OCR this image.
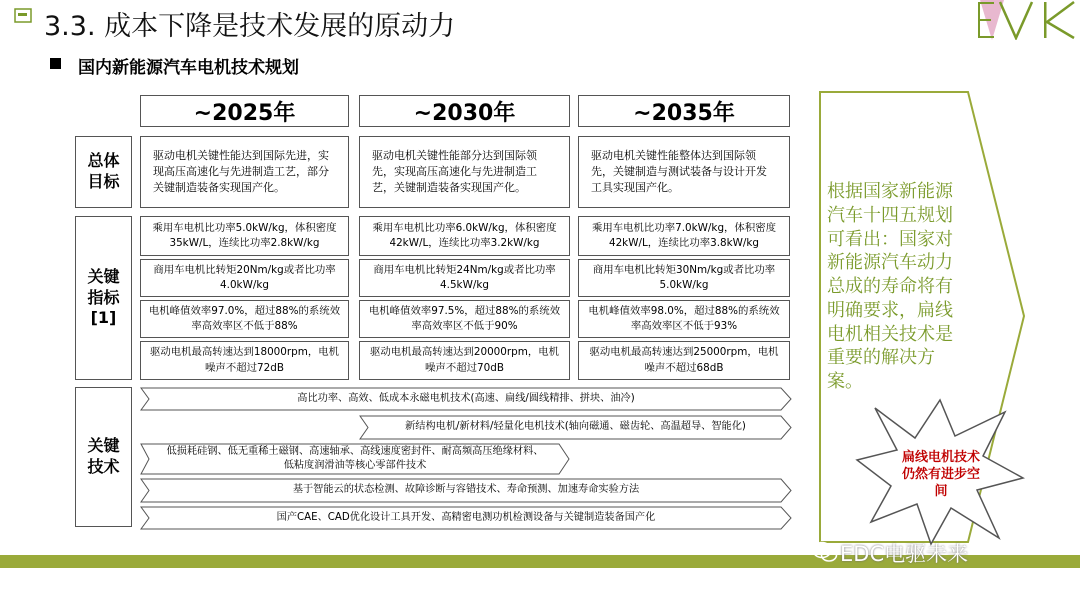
3.3. 成本下降是技术发展的原动力
国内新能源汽车电机技术规划
~2025年	~2030年	~2035年
总体目标
关键指标[1]
关键技术
驱动电机关键性能达到国际先进，实现高压高速化与先进制造工艺，部分关键制造装备实现国产化。
驱动电机关键性能部分达到国际领先，实现高压高速化与先进制造工艺，关键制造装备实现国产化。
驱动电机关键性能整体达到国际领先，关键制造与测试装备与设计开发工具实现国产化。
乘用车电机比功率5.0kW/kg，体积密度35kW/L，连续比功率2.8kW/kg
乘用车电机比功率6.0kW/kg，体积密度42kW/L，连续比功率3.2kW/kg
乘用车电机比功率7.0kW/kg，体积密度42kW/L，连续比功率3.8kW/kg
商用车电机比转矩20Nm/kg或者比功率4.0kW/kg
商用车电机比转矩24Nm/kg或者比功率4.5kW/kg
商用车电机比转矩30Nm/kg或者比功率5.0kW/kg
电机峰值效率97.0%，超过88%的系统效率高效率区不低于88%
电机峰值效率97.5%，超过88%的系统效率高效率区不低于90%
电机峰值效率98.0%，超过88%的系统效率高效率区不低于93%
驱动电机最高转速达到18000rpm，电机噪声不超过72dB
驱动电机最高转速达到20000rpm，电机噪声不超过70dB
驱动电机最高转速达到25000rpm，电机噪声不超过68dB
高比功率、高效、低成本永磁电机技术(高速、扁线/圆线精排、拼块、油冷)
新结构电机/新材料/轻量化电机技术(轴向磁通、磁齿轮、高温超导、智能化)
低损耗硅钢、低无重稀土磁钢、高速轴承、高线速度密封件、耐高频高压绝缘材料、低粘度润滑油等核心零部件技术
基于智能云的状态检测、故障诊断与容错技术、寿命预测、加速寿命实验方法
国产CAE、CAD优化设计工具开发、高精密电测功机检测设备与关键制造装备国产化
根据国家新能源汽车十四五规划可看出：国家对新能源汽车动力总成的寿命将有明确要求，扁线电机相关技术是重要的解决方案。
扁线电机技术仍然有进步空间
EDC电驱未来
